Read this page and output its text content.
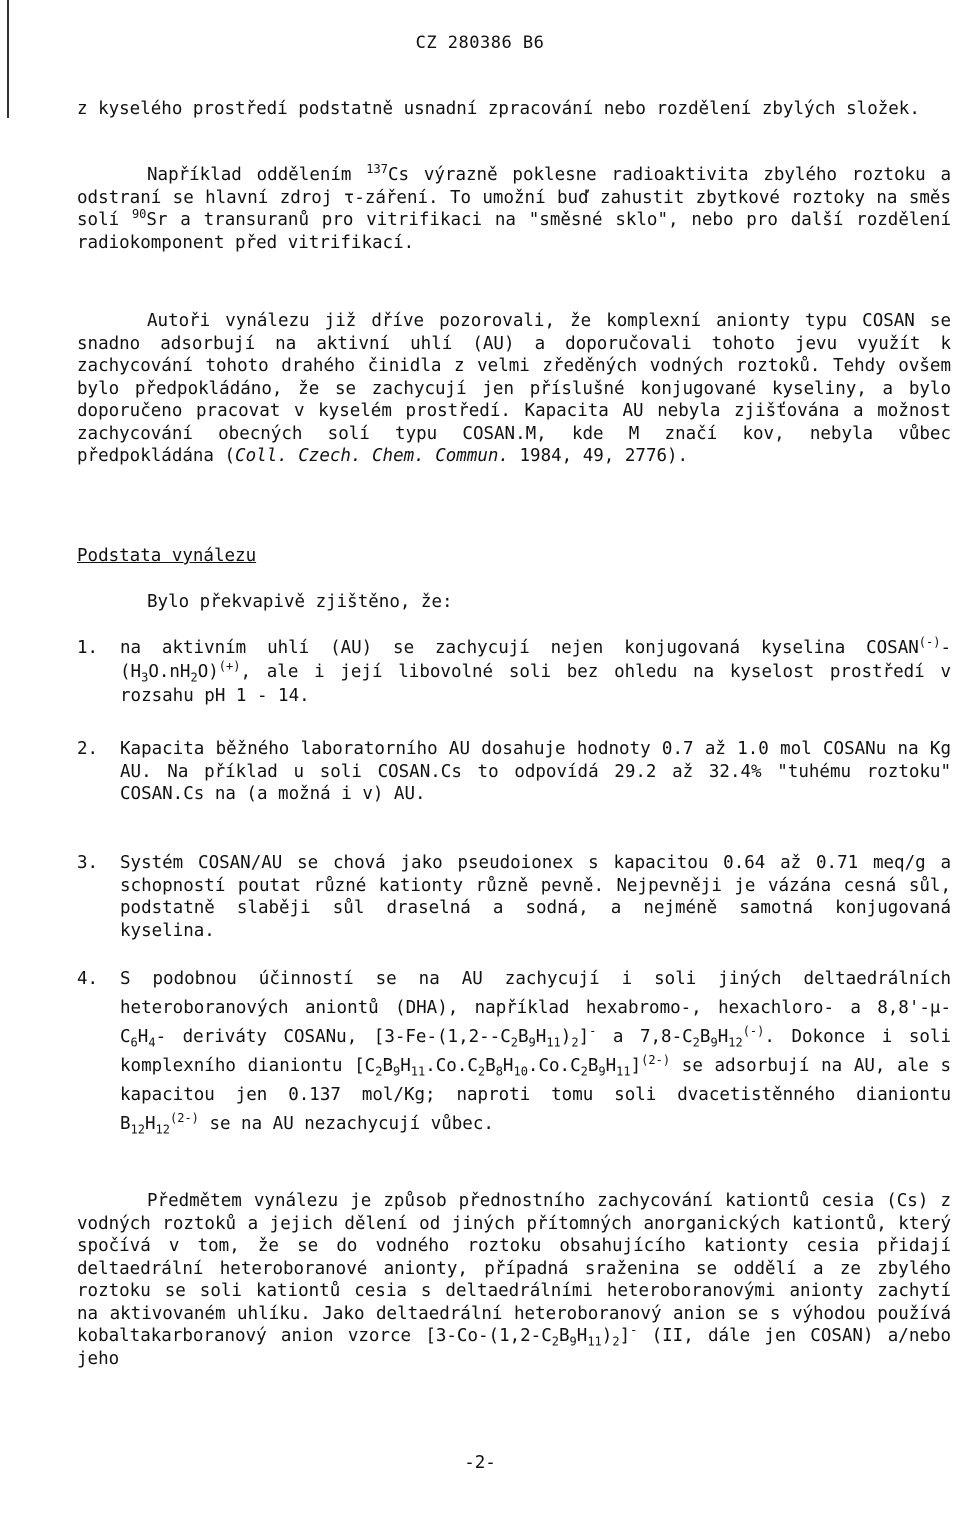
CZ 280386 B6
z kyselého prostředí podstatně usnadní zpracování nebo rozdělení zbylých složek.
Například oddělením $^{137}$Cs výrazně poklesne radioaktivita zbylého roztoku a odstraní se hlavní zdroj τ-záření. To umožní buď zahustit zbytkové roztoky na směs solí $^{90}$Sr a transuranů pro vitrifikaci na "směsné sklo", nebo pro další rozdělení radiokomponent před vitrifikací.
Autoři vynálezu již dříve pozorovali, že komplexní anionty typu COSAN se snadno adsorbují na aktivní uhlí (AU) a doporučovali tohoto jevu využít k zachycování tohoto drahého činidla z velmi zředěných vodných roztoků. Tehdy ovšem bylo předpokládáno, že se zachycují jen příslušné konjugované kyseliny, a bylo doporučeno pracovat v kyselém prostředí. Kapacita AU nebyla zjišťována a možnost zachycování obecných solí typu COSAN.M, kde M značí kov, nebyla vůbec předpokládána (Coll. Czech. Chem. Commun. 1984, 49, 2776).
Podstata vynálezu
Bylo překvapivě zjištěno, že:
1. na aktivním uhlí (AU) se zachycují nejen konjugovaná kyselina $COSAN^{(-)}-(H_3O.nH_2O)^{(+)}$, ale i její libovolné soli bez ohledu na kyselost prostředí v rozsahu pH 1 - 14.
2. Kapacita běžného laboratorního AU dosahuje hodnoty 0.7 až 1.0 mol COSANu na Kg AU. Na příklad u soli COSAN.Cs to odpovídá 29.2 až 32.4% "tuhému roztoku" COSAN.Cs na (a možná i v) AU.
3. Systém COSAN/AU se chová jako pseudoionex s kapacitou 0.64 až 0.71 meq/g a schopností poutat různé kationty různě pevně. Nejpevněji je vázána cesná sůl, podstatně slaběji sůl draselná a sodná, a nejméně samotná konjugovaná kyselina.
4. S podobnou účinností se na AU zachycují i soli jiných deltaedrálních heteroboranových aniontů (DHA), například hexabromo-, hexachloro- a $8,8'-\mu-C_6H_4-$ deriváty COSANu, $[3-Fe-(1,2--C_2B_9H_{11})_2]^-$ a $7,8-C_2B_9H_{12}^{(-)}$. Dokonce i soli komplexního dianiontu $[C_2B_9H_{11}.Co.C_2B_8H_{10}.Co.C_2B_9H_{11}]^{(2-)}$ se adsorbují na AU, ale s kapacitou jen 0.137 mol/Kg; naproti tomu soli dvacetistěnného dianiontu $B_{12}H_{12}^{(2-)}$ se na AU nezachycují vůbec.
Předmětem vynálezu je způsob přednostního zachycování kationtů cesia (Cs) z vodných roztoků a jejich dělení od jiných přítomných anorganických kationtů, který spočívá v tom, že se do vodného roztoku obsahujícího kationty cesia přidají deltaedrální heteroboranové anionty, případná sraženina se oddělí a ze zbylého roztoku se soli kationtů cesia s deltaedrálními heteroboranovými anionty zachytí na aktivovaném uhlíku. Jako deltaedrální heteroboranový anion se s výhodou používá kobaltakarboranový anion vzorce $[3-Co-(1,2-C_2B_9H_{11})_2]^-$ (II, dále jen COSAN) a/nebo jeho
-2-
